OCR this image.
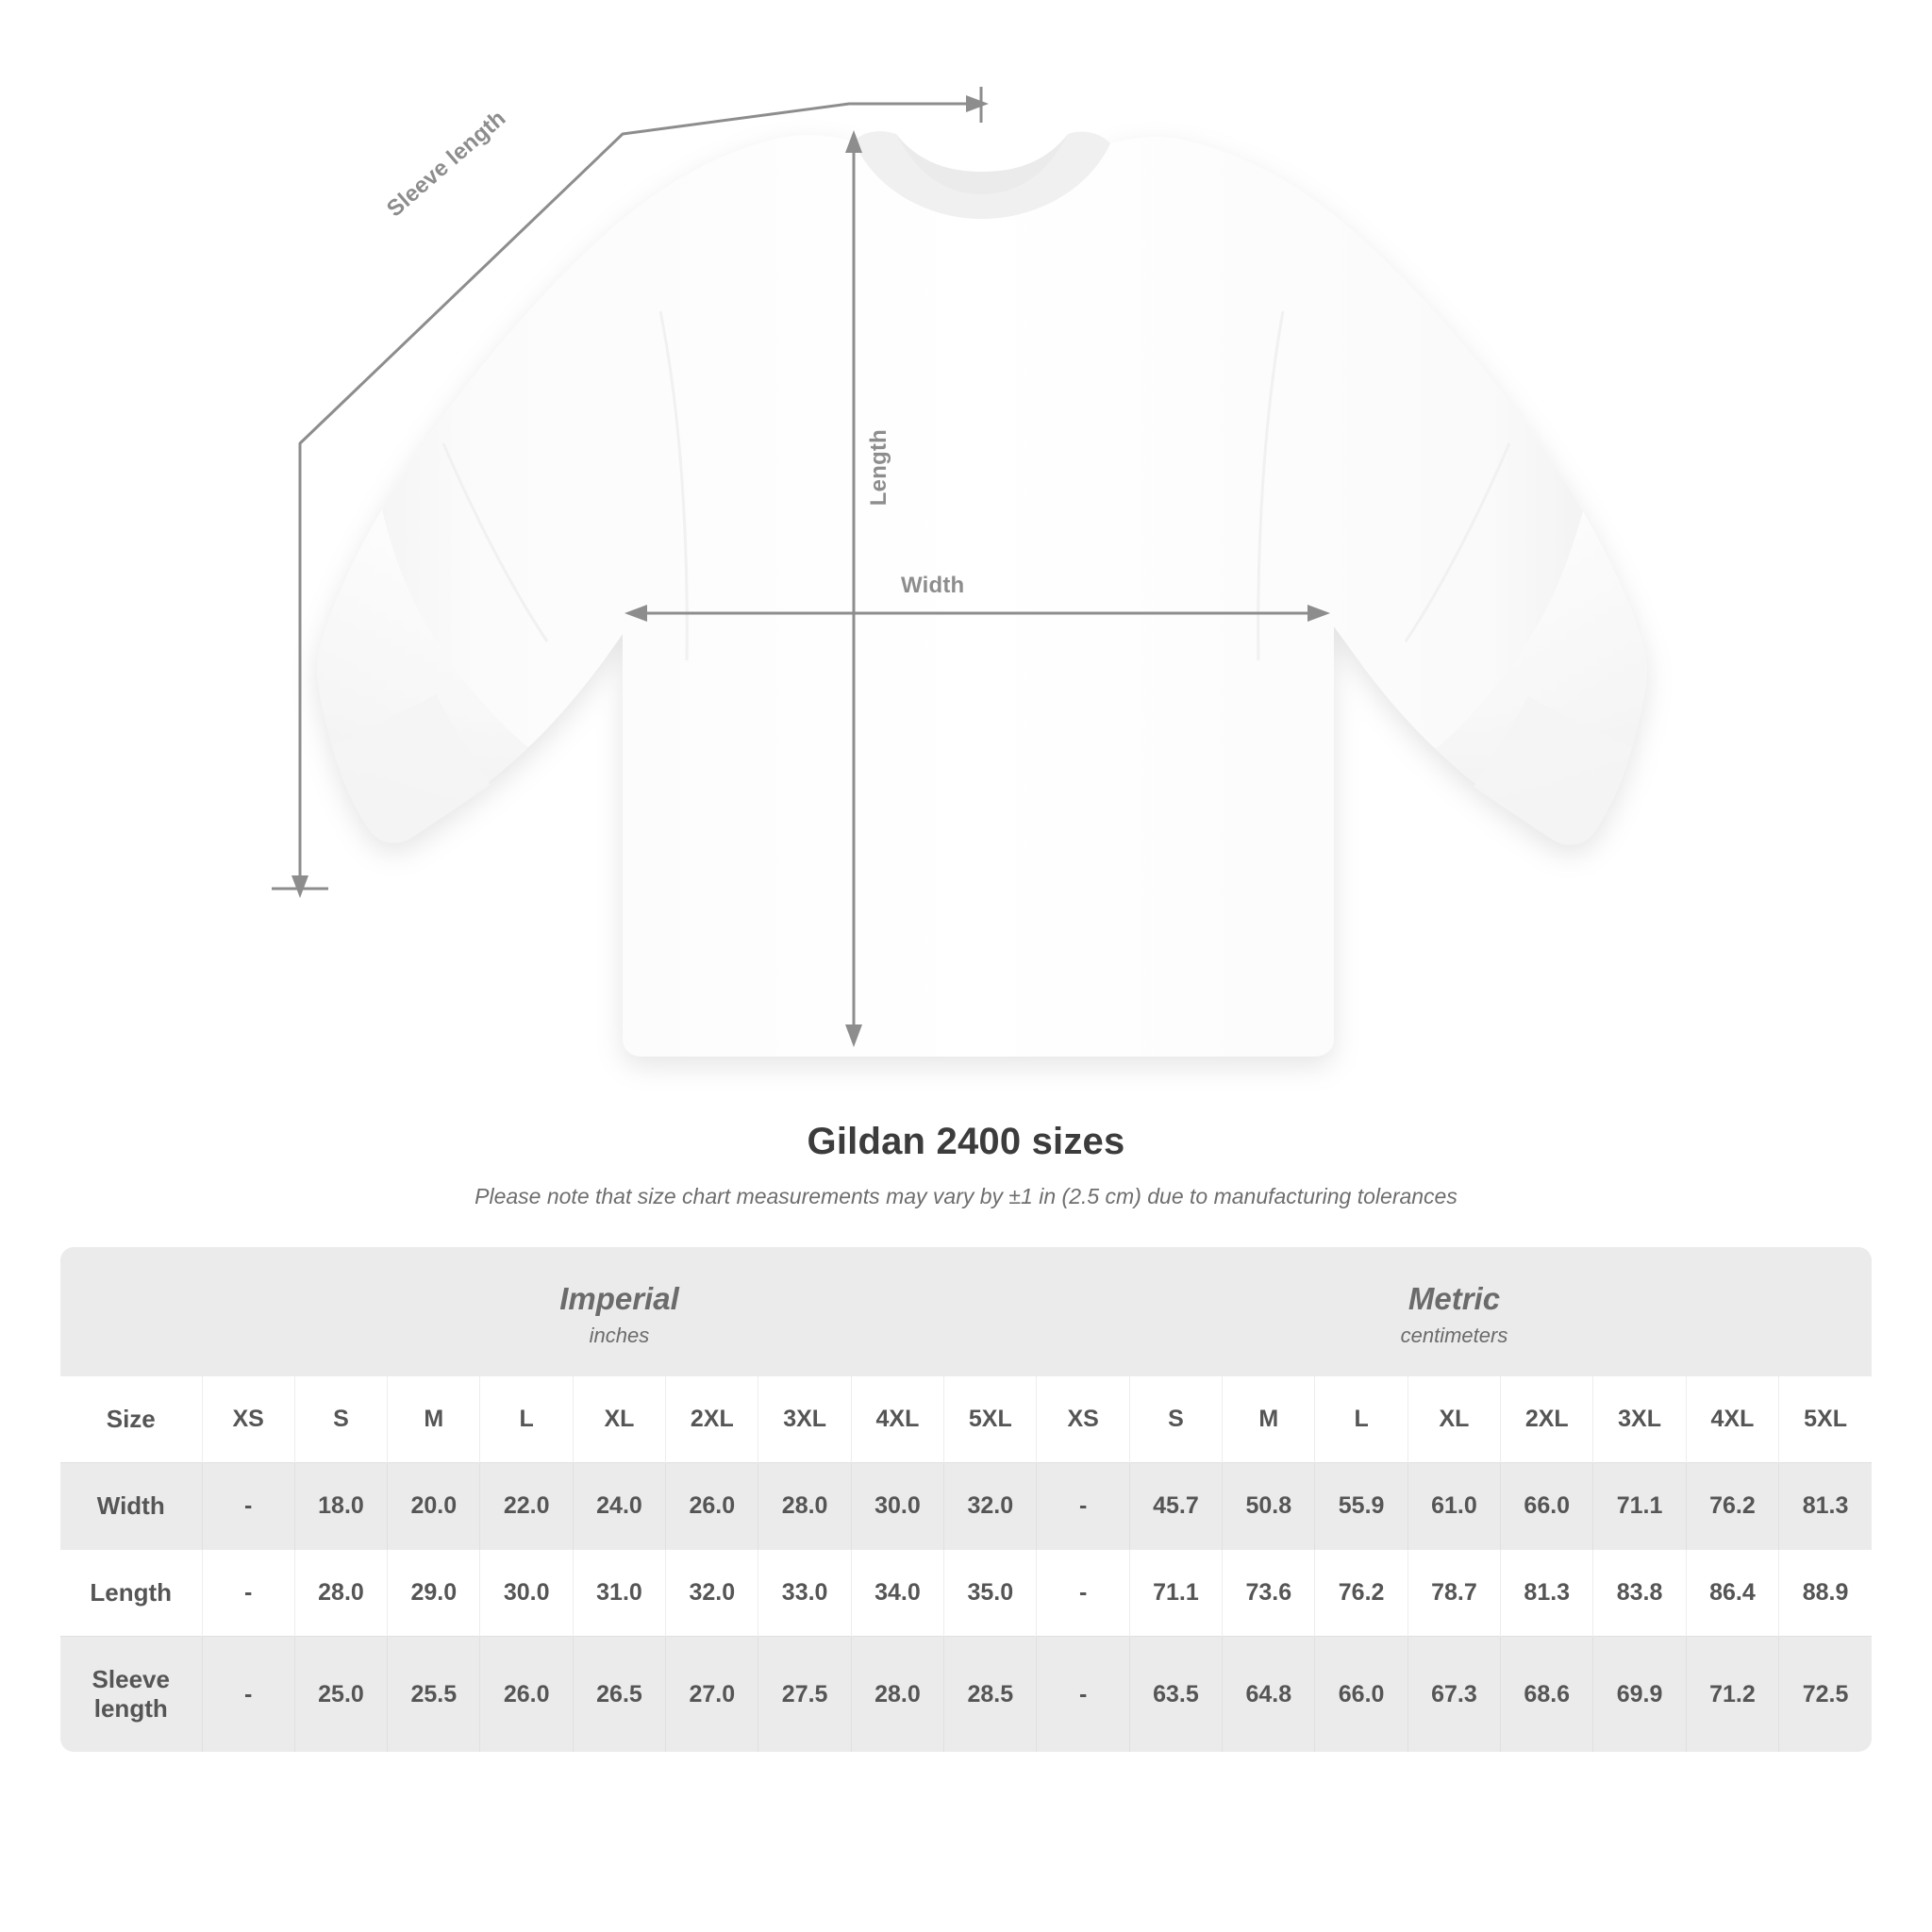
Length
Width
Sleeve length
Gildan 2400 sizes

Please note that size chart measurements may vary by ±1 in (2.5 cm) due to manufacturing tolerances

Imperial
inches

Metric
centimeters

Size	XS	S	M	L	XL	2XL	3XL	4XL	5XL	XS	S	M	L	XL	2XL	3XL	4XL	5XL
Width	-	18.0	20.0	22.0	24.0	26.0	28.0	30.0	32.0	-	45.7	50.8	55.9	61.0	66.0	71.1	76.2	81.3
Length	-	28.0	29.0	30.0	31.0	32.0	33.0	34.0	35.0	-	71.1	73.6	76.2	78.7	81.3	83.8	86.4	88.9
Sleeve length	-	25.0	25.5	26.0	26.5	27.0	27.5	28.0	28.5	-	63.5	64.8	66.0	67.3	68.6	69.9	71.2	72.5
